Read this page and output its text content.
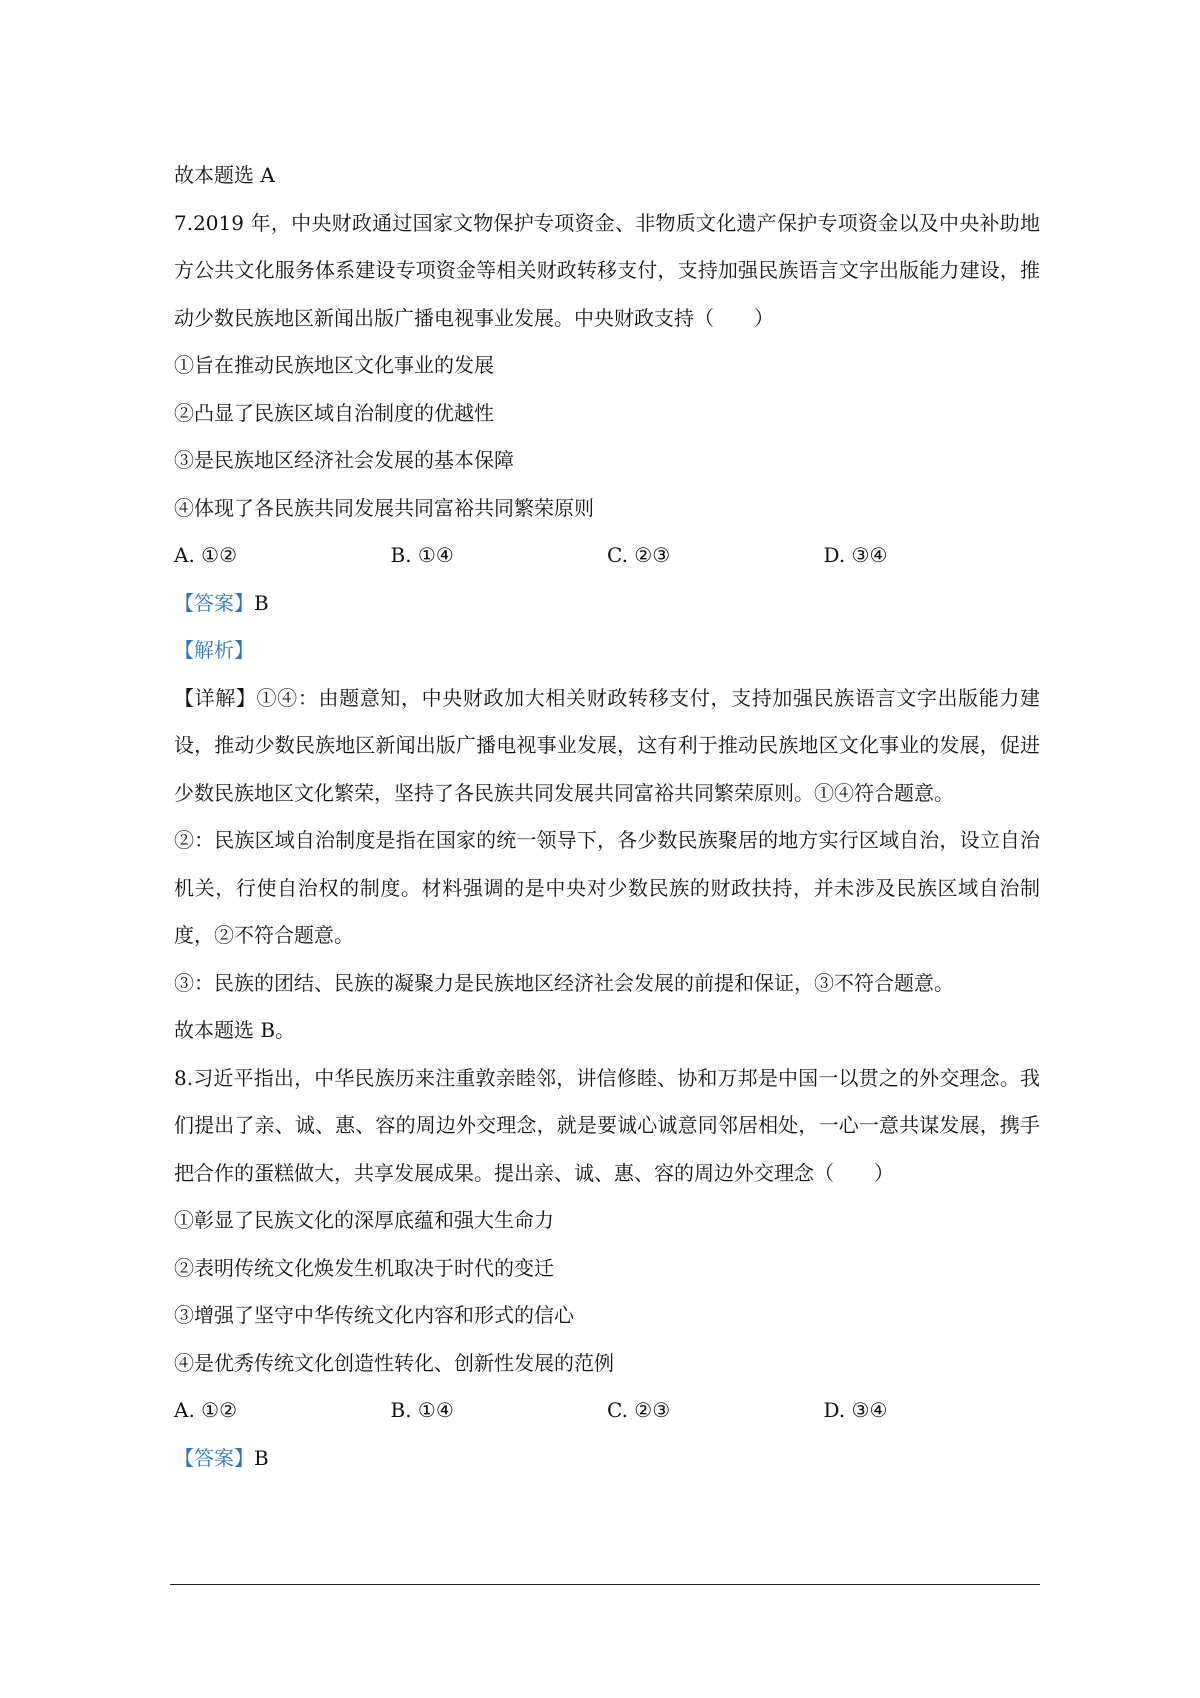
故本题选 A
7.2019 年，中央财政通过国家文物保护专项资金、非物质文化遗产保护专项资金以及中央补助地方公共文化服务体系建设专项资金等相关财政转移支付，支持加强民族语言文字出版能力建设，推动少数民族地区新闻出版广播电视事业发展。中央财政支持（　　）
①旨在推动民族地区文化事业的发展
②凸显了民族区域自治制度的优越性
③是民族地区经济社会发展的基本保障
④体现了各民族共同发展共同富裕共同繁荣原则
A. ①②	B. ①④	C. ②③	D. ③④
【答案】B
【解析】
【详解】①④：由题意知，中央财政加大相关财政转移支付，支持加强民族语言文字出版能力建设，推动少数民族地区新闻出版广播电视事业发展，这有利于推动民族地区文化事业的发展，促进少数民族地区文化繁荣，坚持了各民族共同发展共同富裕共同繁荣原则。①④符合题意。
②：民族区域自治制度是指在国家的统一领导下，各少数民族聚居的地方实行区域自治，设立自治机关，行使自治权的制度。材料强调的是中央对少数民族的财政扶持，并未涉及民族区域自治制度，②不符合题意。
③：民族的团结、民族的凝聚力是民族地区经济社会发展的前提和保证，③不符合题意。
故本题选 B。
8.习近平指出，中华民族历来注重敦亲睦邻，讲信修睦、协和万邦是中国一以贯之的外交理念。我们提出了亲、诚、惠、容的周边外交理念，就是要诚心诚意同邻居相处，一心一意共谋发展，携手把合作的蛋糕做大，共享发展成果。提出亲、诚、惠、容的周边外交理念（　　）
①彰显了民族文化的深厚底蕴和强大生命力
②表明传统文化焕发生机取决于时代的变迁
③增强了坚守中华传统文化内容和形式的信心
④是优秀传统文化创造性转化、创新性发展的范例
A. ①②	B. ①④	C. ②③	D. ③④
【答案】B
